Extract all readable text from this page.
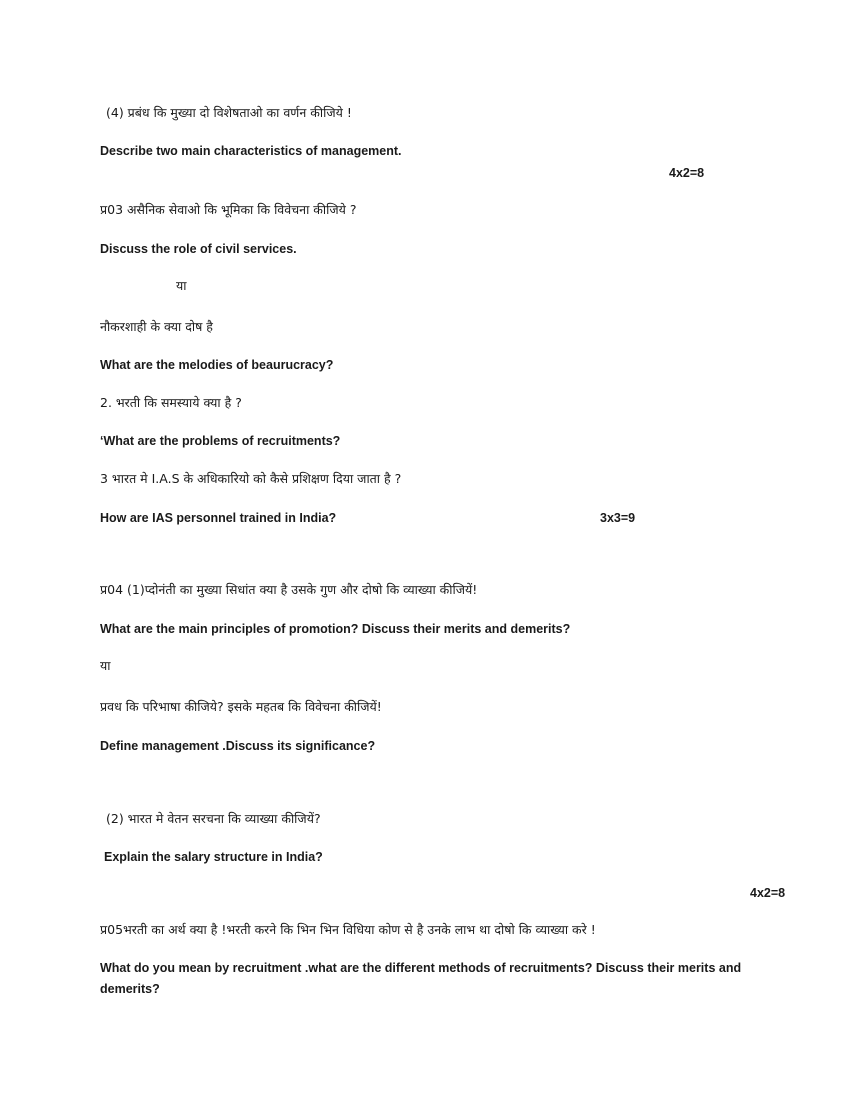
(4) प्रबंध कि मुख्या दो विशेषताओ का वर्णन कीजिये !
Describe two main characteristics of management.
4x2=8
प्र03 असैनिक सेवाओ कि भूमिका कि विवेचना कीजिये ?
Discuss the role of civil services.
या
नौकरशाही के क्या दोष है
What are the melodies of beaurucracy?
2. भरती कि समस्याये क्या है ?
‘What are the problems of recruitments?
3 भारत मे I.A.S के अधिकारियो को कैसे प्रशिक्षण दिया जाता है ?
How are IAS personnel trained in India?	3x3=9
प्र04 (1)प्दोनंती का मुख्या सिधांत क्या है उसके गुण और दोषो कि व्याख्या कीजियें!
What are the main principles of promotion? Discuss their merits and demerits?
या
प्रवध कि परिभाषा कीजिये? इसके महतब कि विवेचना कीजियें!
Define management .Discuss its significance?
(2) भारत मे वेतन सरचना कि व्याख्या कीजियें?
Explain the salary structure in India?
4x2=8
प्र05भरती का अर्थ क्या है !भरती करने कि भिन भिन विधिया कोण से है उनके लाभ था दोषो कि व्याख्या करे !
What do you mean by recruitment .what are the different methods of recruitments? Discuss their merits and demerits?
